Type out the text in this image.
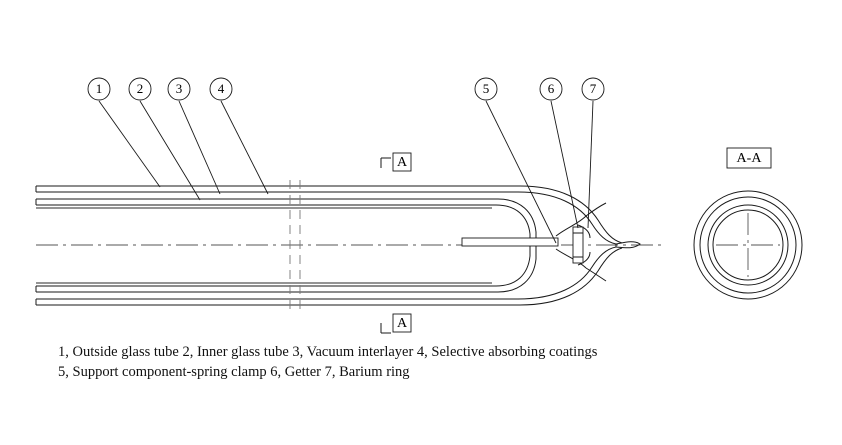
A
A
A-A
1	2	3	4	5	6	7
1, Outside glass tube 2, Inner glass tube 3, Vacuum interlayer 4, Selective absorbing coatings
5, Support component-spring clamp 6, Getter 7, Barium ring
